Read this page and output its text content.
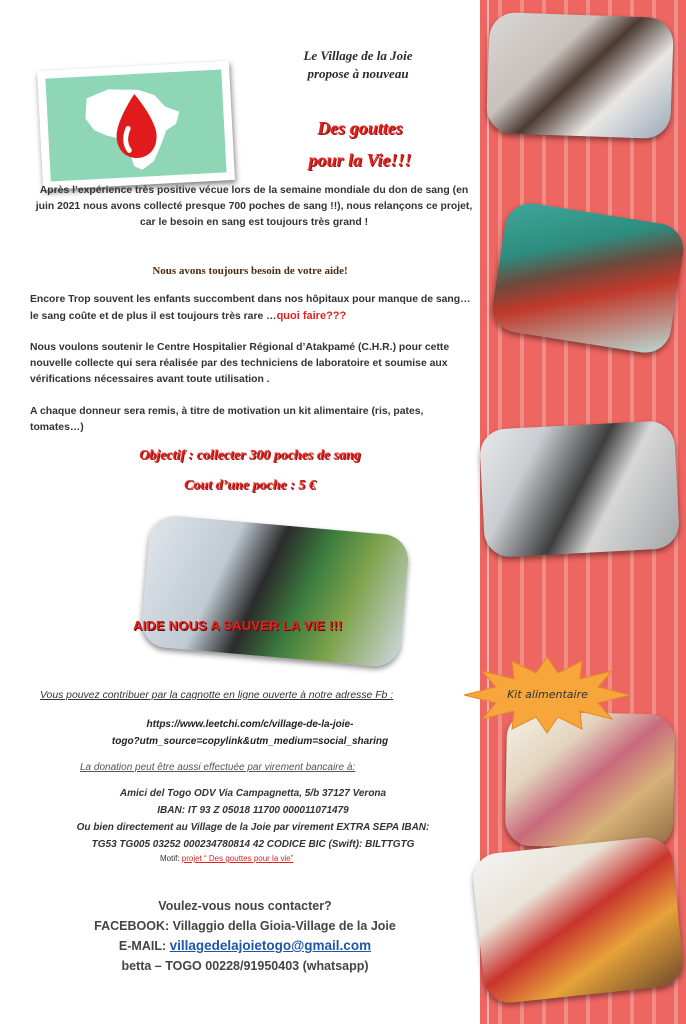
Le Village de la Joie
propose à nouveau
Des gouttes
pour la Vie!!!
Après l’expérience très positive vécue lors de la semaine mondiale du don de sang (en juin 2021 nous avons collecté presque 700 poches de sang !!), nous relançons ce projet, car le besoin en sang est toujours très grand !
Nous avons toujours besoin de votre aide!
Encore Trop souvent les enfants succombent dans nos hôpitaux pour manque de sang…le sang coûte et de plus il est toujours très rare …quoi faire???
Nous voulons soutenir le Centre Hospitalier Régional d’Atakpamé (C.H.R.) pour cette nouvelle collecte qui sera réalisée par des techniciens de laboratoire et soumise aux vérifications nécessaires avant toute utilisation .
A chaque donneur sera remis, à titre de motivation un kit alimentaire (ris, pates, tomates…)
Objectif : collecter 300 poches de sang
Cout d’une poche : 5 €
AIDE NOUS A SAUVER LA VIE !!!
Kit alimentaire
Vous pouvez contribuer par la cagnotte en ligne ouverte à notre adresse Fb :
https://www.leetchi.com/c/village-de-la-joie-
togo?utm_source=copylink&utm_medium=social_sharing
La donation peut être aussi effectuée par virement bancaire à:
Amici del Togo ODV Via Campagnetta, 5/b 37127 Verona
IBAN: IT 93 Z 05018 11700 000011071479
Ou bien directement au Village de la Joie par virement EXTRA SEPA IBAN:
TG53 TG005 03252 000234780814 42 CODICE BIC (Swift): BILTTGTG
Motif: projet “ Des gouttes pour la vie”
Voulez-vous nous contacter?
FACEBOOK: Villaggio della Gioia-Village de la Joie
E-MAIL: villagedelajoietogo@gmail.com
betta – TOGO 00228/91950403 (whatsapp)
